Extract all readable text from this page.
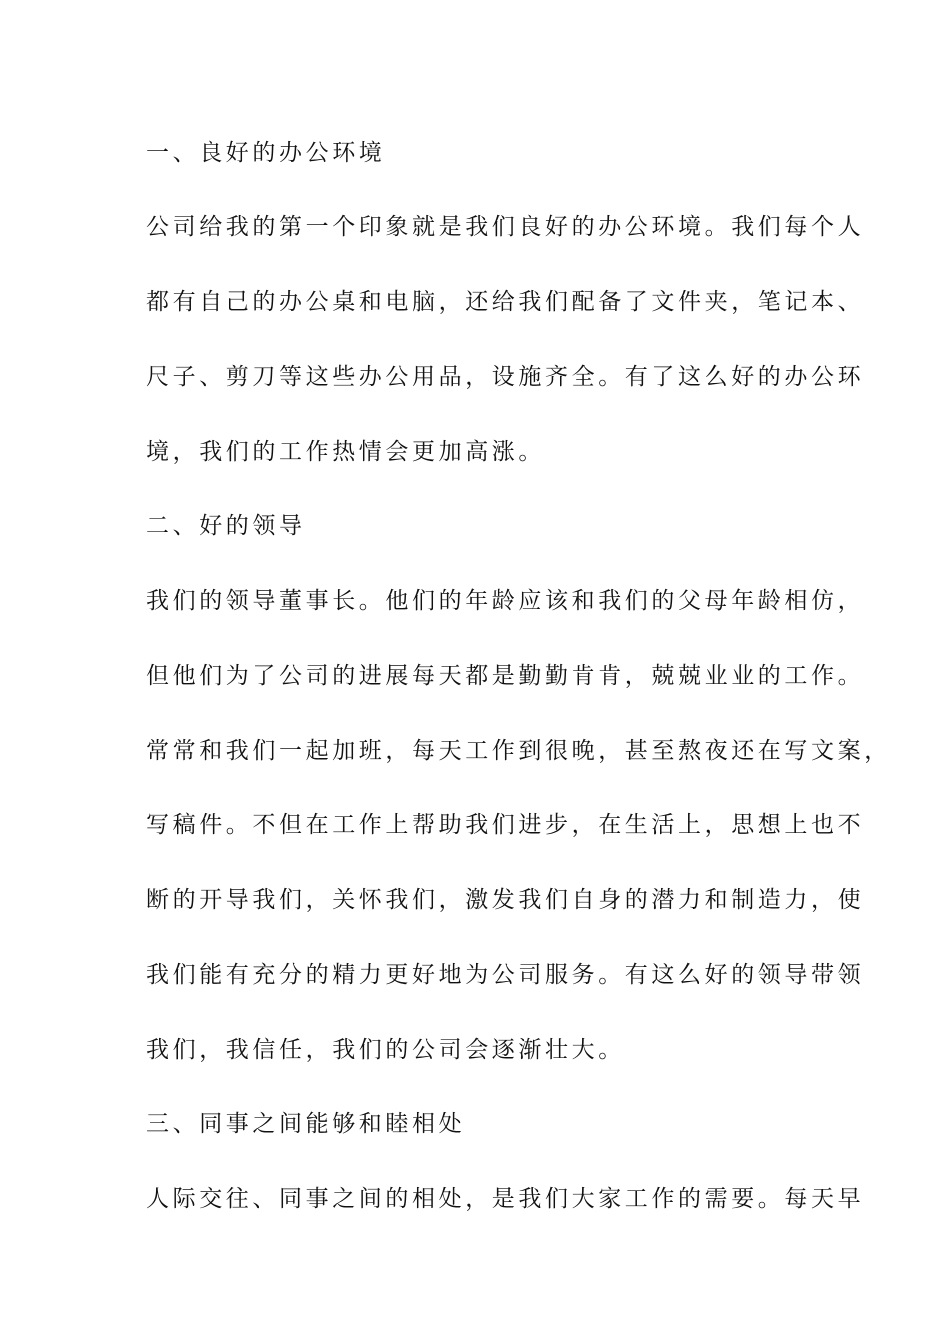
一、良好的办公环境
公司给我的第一个印象就是我们良好的办公环境。我们每个人
都有自己的办公桌和电脑，还给我们配备了文件夹，笔记本、
尺子、剪刀等这些办公用品，设施齐全。有了这么好的办公环
境，我们的工作热情会更加高涨。
二、好的领导
我们的领导董事长。他们的年龄应该和我们的父母年龄相仿，
但他们为了公司的进展每天都是勤勤肯肯，兢兢业业的工作。
常常和我们一起加班，每天工作到很晚，甚至熬夜还在写文案，
写稿件。不但在工作上帮助我们进步，在生活上，思想上也不
断的开导我们，关怀我们，激发我们自身的潜力和制造力，使
我们能有充分的精力更好地为公司服务。有这么好的领导带领
我们，我信任，我们的公司会逐渐壮大。
三、同事之间能够和睦相处
人际交往、同事之间的相处，是我们大家工作的需要。每天早
